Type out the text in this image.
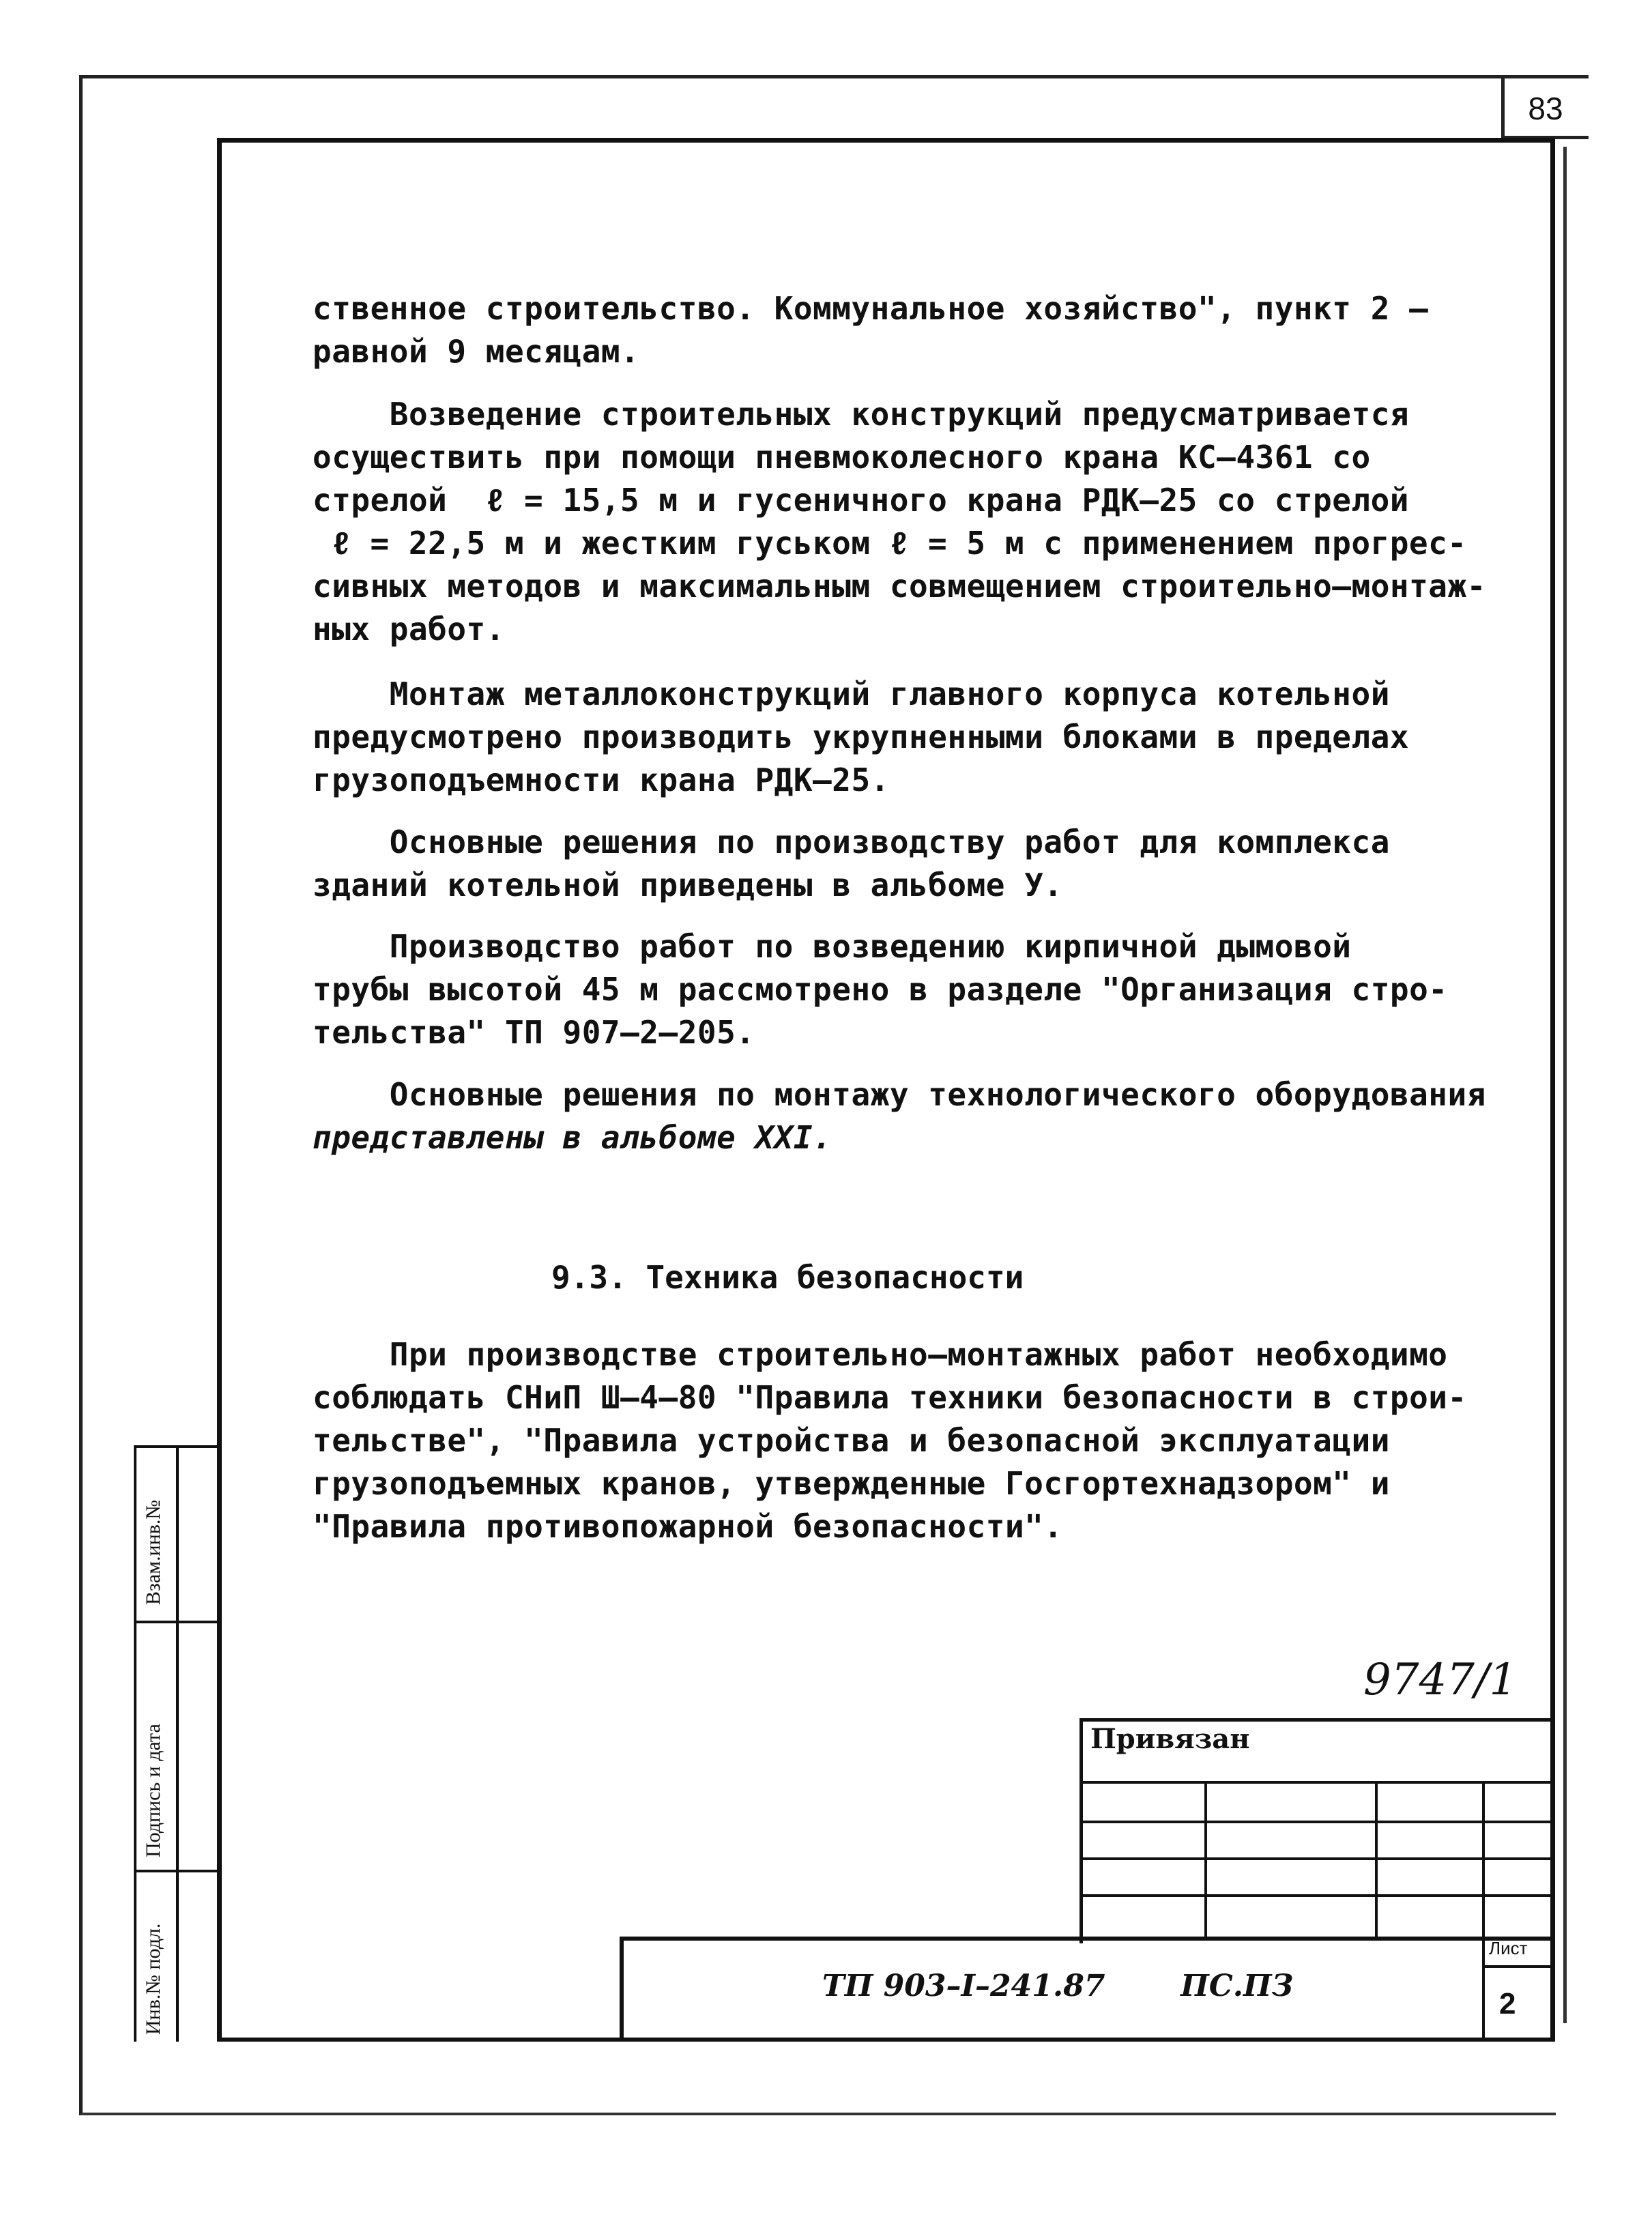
83
ственное строительство. Коммунальное хозяйство", пункт 2 –
равной 9 месяцам.
Возведение строительных конструкций предусматривается
осуществить при помощи пневмоколесного крана КС–4361 со
стрелой  ℓ = 15,5 м и гусеничного крана РДК–25 со стрелой
ℓ = 22,5 м и жестким гуськом ℓ = 5 м с применением прогрес-
сивных методов и максимальным совмещением строительно–монтаж-
ных работ.
Монтаж металлоконструкций главного корпуса котельной
предусмотрено производить укрупненными блоками в пределах
грузоподъемности крана РДК–25.
Основные решения по производству работ для комплекса
зданий котельной приведены в альбоме У.
Производство работ по возведению кирпичной дымовой
трубы высотой 45 м рассмотрено в разделе "Организация стро-
тельства" ТП 907–2–205.
Основные решения по монтажу технологического оборудования
представлены в альбоме XXI.
9.3. Техника безопасности
При производстве строительно–монтажных работ необходимо
соблюдать СНиП Ш–4–80 "Правила техники безопасности в строи-
тельстве", "Правила устройства и безопасной эксплуатации
грузоподъемных кранов, утвержденные Госгортехнадзором" и
"Правила противопожарной безопасности".
9747/1
Привязан
ТП 903–I–241.87	ПС.ПЗ
Лист
2
Взам.инв.№
Подпись и дата
Инв.№ подл.
